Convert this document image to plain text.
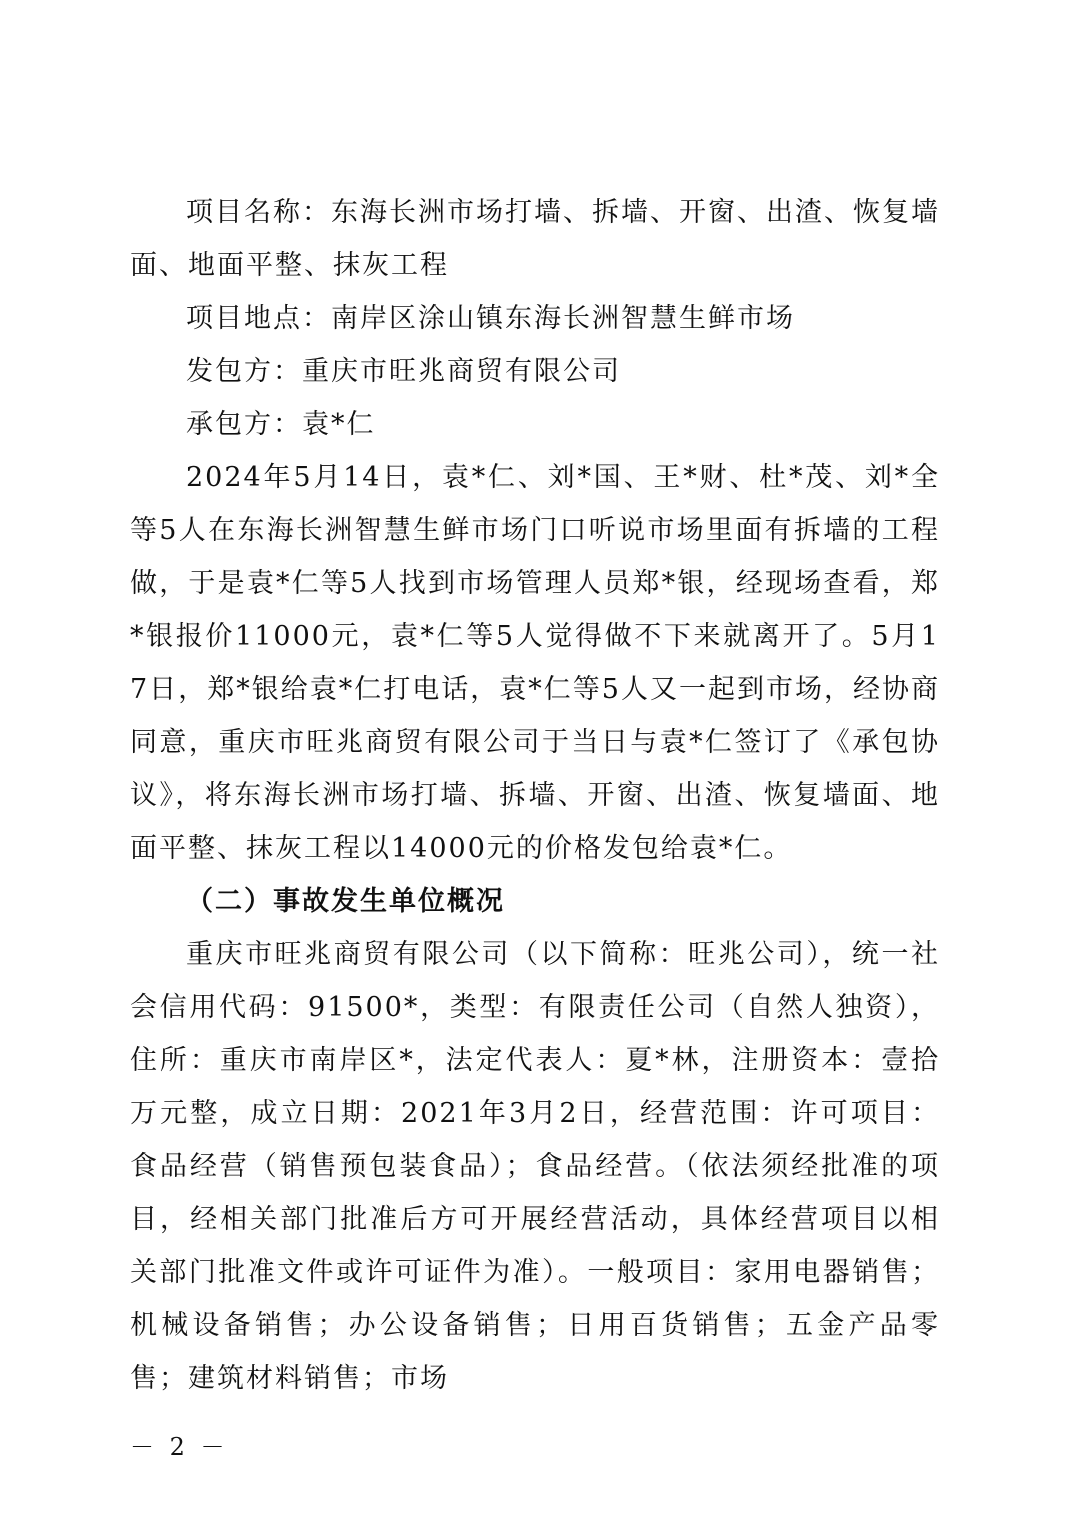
项目名称：东海长洲市场打墙、拆墙、开窗、出渣、恢复墙面、地面平整、抹灰工程

项目地点：南岸区涂山镇东海长洲智慧生鲜市场

发包方：重庆市旺兆商贸有限公司

承包方：袁*仁

2024年5月14日，袁*仁、刘*国、王*财、杜*茂、刘*全等5人在东海长洲智慧生鲜市场门口听说市场里面有拆墙的工程做，于是袁*仁等5人找到市场管理人员郑*银，经现场查看，郑*银报价11000元，袁*仁等5人觉得做不下来就离开了。5月17日，郑*银给袁*仁打电话，袁*仁等5人又一起到市场，经协商同意，重庆市旺兆商贸有限公司于当日与袁*仁签订了《承包协议》，将东海长洲市场打墙、拆墙、开窗、出渣、恢复墙面、地面平整、抹灰工程以14000元的价格发包给袁*仁。

（二）事故发生单位概况

重庆市旺兆商贸有限公司（以下简称：旺兆公司），统一社会信用代码：91500*，类型：有限责任公司（自然人独资），住所：重庆市南岸区*，法定代表人：夏*林，注册资本：壹拾万元整，成立日期：2021年3月2日，经营范围：许可项目：食品经营（销售预包装食品）；食品经营。（依法须经批准的项目，经相关部门批准后方可开展经营活动，具体经营项目以相关部门批准文件或许可证件为准）。一般项目：家用电器销售；机械设备销售；办公设备销售；日用百货销售；五金产品零售；建筑材料销售；市场

－ 2 －
